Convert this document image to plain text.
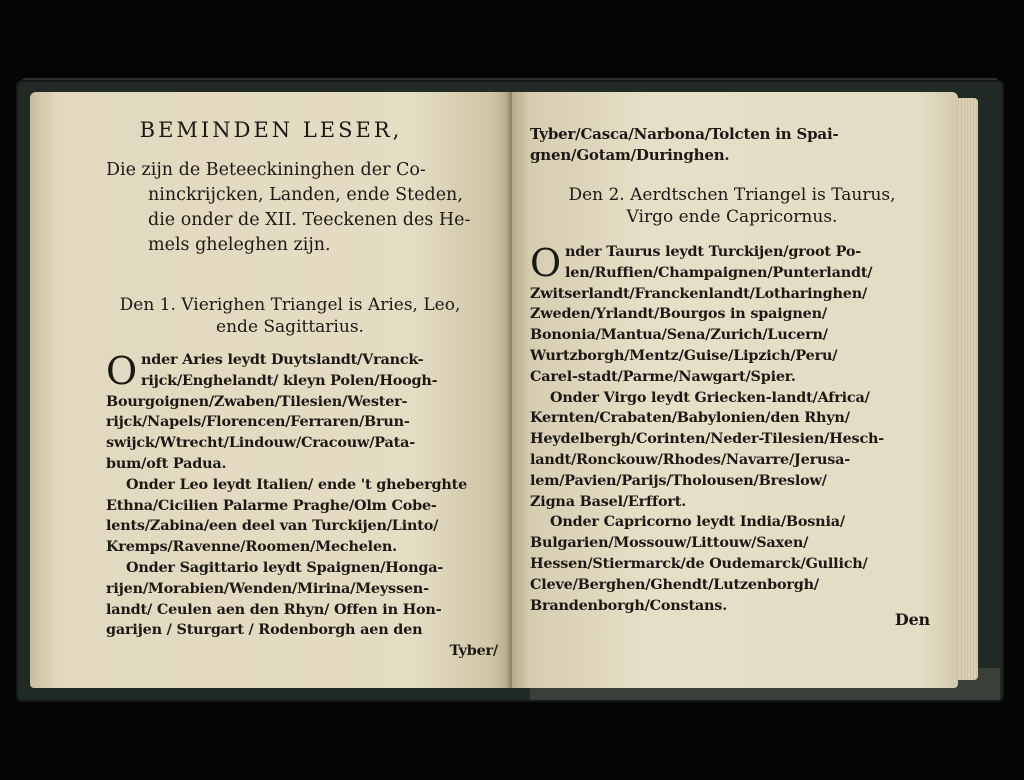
BEMINDEN LESER,
Die zijn de Beteeckininghen der Co-
ninckrijcken, Landen, ende Steden,
die onder de XII. Teeckenen des He-
mels gheleghen zijn.
Den 1. Vierighen Triangel is Aries, Leo,
ende Sagittarius.
O nder Aries leydt Duytslandt/Vranck-

rijck/Enghelandt/ kleyn Polen/Hoogh-

Bourgoignen/Zwaben/Tilesien/Wester-

rijck/Napels/Florencen/Ferraren/Brun-

swijck/Wtrecht/Lindouw/Cracouw/Pata-

bum/oft Padua.

Onder Leo leydt Italien/ ende 't gheberghte

Ethna/Cicilien Palarme Praghe/Olm Cobe-

lents/Zabina/een deel van Turckijen/Linto/

Kremps/Ravenne/Roomen/Mechelen.

Onder Sagittario leydt Spaignen/Honga-

rijen/Morabien/Wenden/Mirina/Meyssen-

landt/ Ceulen aen den Rhyn/ Offen in Hon-

garijen / Sturgart / Rodenborgh aen den

Tyber/

Tyber/Casca/Narbona/Tolcten in Spai-

gnen/Gotam/Duringhen.

Den 2. Aerdtschen Triangel is Taurus,
Virgo ende Capricornus.
O nder Taurus leydt Turckijen/groot Po-

len/Ruffien/Champaignen/Punterlandt/

Zwitserlandt/Franckenlandt/Lotharinghen/

Zweden/Yrlandt/Bourgos in spaignen/

Bononia/Mantua/Sena/Zurich/Lucern/

Wurtzborgh/Mentz/Guise/Lipzich/Peru/

Carel-stadt/Parme/Nawgart/Spier.

Onder Virgo leydt Griecken-landt/Africa/

Kernten/Crabaten/Babylonien/den Rhyn/

Heydelbergh/Corinten/Neder-Tilesien/Hesch-

landt/Ronckouw/Rhodes/Navarre/Jerusa-

lem/Pavien/Parijs/Tholousen/Breslow/

Zigna Basel/Erffort.

Onder Capricorno leydt India/Bosnia/

Bulgarien/Mossouw/Littouw/Saxen/

Hessen/Stiermarck/de Oudemarck/Gullich/

Cleve/Berghen/Ghendt/Lutzenborgh/

Brandenborgh/Constans.

Den
